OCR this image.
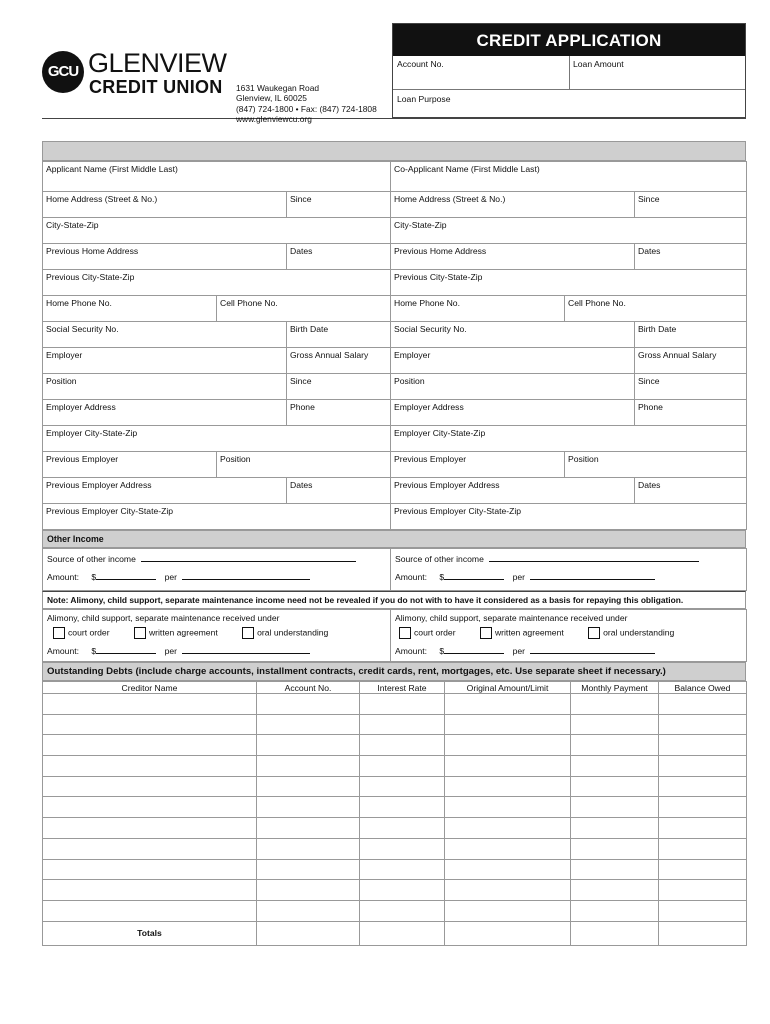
GCU GLENVIEW
CREDIT UNION 1631 Waukegan Road
Glenview, IL 60025
(847) 724-1800 • Fax: (847) 724-1808
www.glenviewcu.org
CREDIT APPLICATION
Account No.	Loan Amount
Loan Purpose
Applicant Name (First Middle Last)			Co-Applicant Name (First Middle Last)		
Home Address (Street & No.)		Since	Home Address (Street & No.)		Since
City-State-Zip			City-State-Zip		
Previous Home Address		Dates	Previous Home Address		Dates
Previous City-State-Zip			Previous City-State-Zip		
Home Phone No.	Cell Phone No.		Home Phone No.	Cell Phone No.	
Social Security No.		Birth Date	Social Security No.		Birth Date
Employer		Gross Annual Salary	Employer		Gross Annual Salary
Position		Since	Position		Since
Employer Address		Phone	Employer Address		Phone
Employer City-State-Zip			Employer City-State-Zip		
Previous Employer	Position		Previous Employer	Position	
Previous Employer Address		Dates	Previous Employer Address		Dates
Previous Employer City-State-Zip			Previous Employer City-State-Zip		
Other Income
Source of other income
Amount: $	per

Source of other income
Amount: $	per
Note: Alimony, child support, separate maintenance income need not be revealed if you do not with to have it considered as a basis for repaying this obligation.
Alimony, child support, separate maintenance received under
court order	written agreement	oral understanding
Amount: $	per

Alimony, child support, separate maintenance received under
court order	written agreement	oral understanding
Amount: $	per
Outstanding Debts (include charge accounts, installment contracts, credit cards, rent, mortgages, etc. Use separate sheet if necessary.)
Creditor Name	Account No.	Interest Rate	Original Amount/Limit	Monthly Payment	Balance Owed

Totals					
